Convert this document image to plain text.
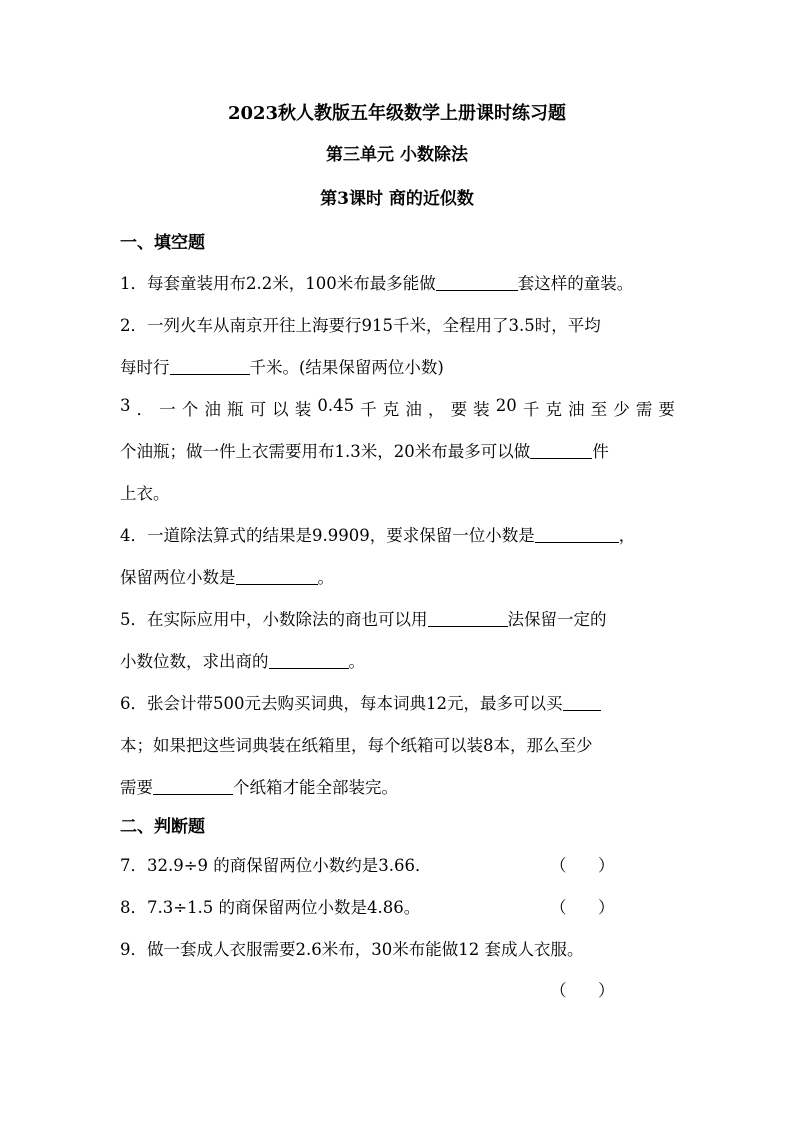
2023秋人教版五年级数学上册课时练习题
第三单元 小数除法
第3课时 商的近似数
一、填空题
1．每套童装用布2.2米，100米布最多能做	套这样的童装。
2．一列火车从南京开往上海要行915千米，全程用了3.5时，平均
每时行	千米。(结果保留两位小数)
3 ． 一 个 油 瓶 可 以 装 0.45 千 克 油 ， 要 装 20 千 克 油 至 少 需 要
个油瓶；做一件上衣需要用布1.3米，20米布最多可以做	件
上衣。
4．一道除法算式的结果是9.9909，要求保留一位小数是	，
保留两位小数是	。
5．在实际应用中，小数除法的商也可以用	法保留一定的
小数位数，求出商的	。
6．张会计带500元去购买词典，每本词典12元，最多可以买
本；如果把这些词典装在纸箱里，每个纸箱可以装8本，那么至少
需要	个纸箱才能全部装完。
二、判断题
7．32.9÷9 的商保留两位小数约是3.66．	（      ）
8．7.3÷1.5 的商保留两位小数是4.86。	（      ）
9．做一套成人衣服需要2.6米布，30米布能做12 套成人衣服。
（      ）
